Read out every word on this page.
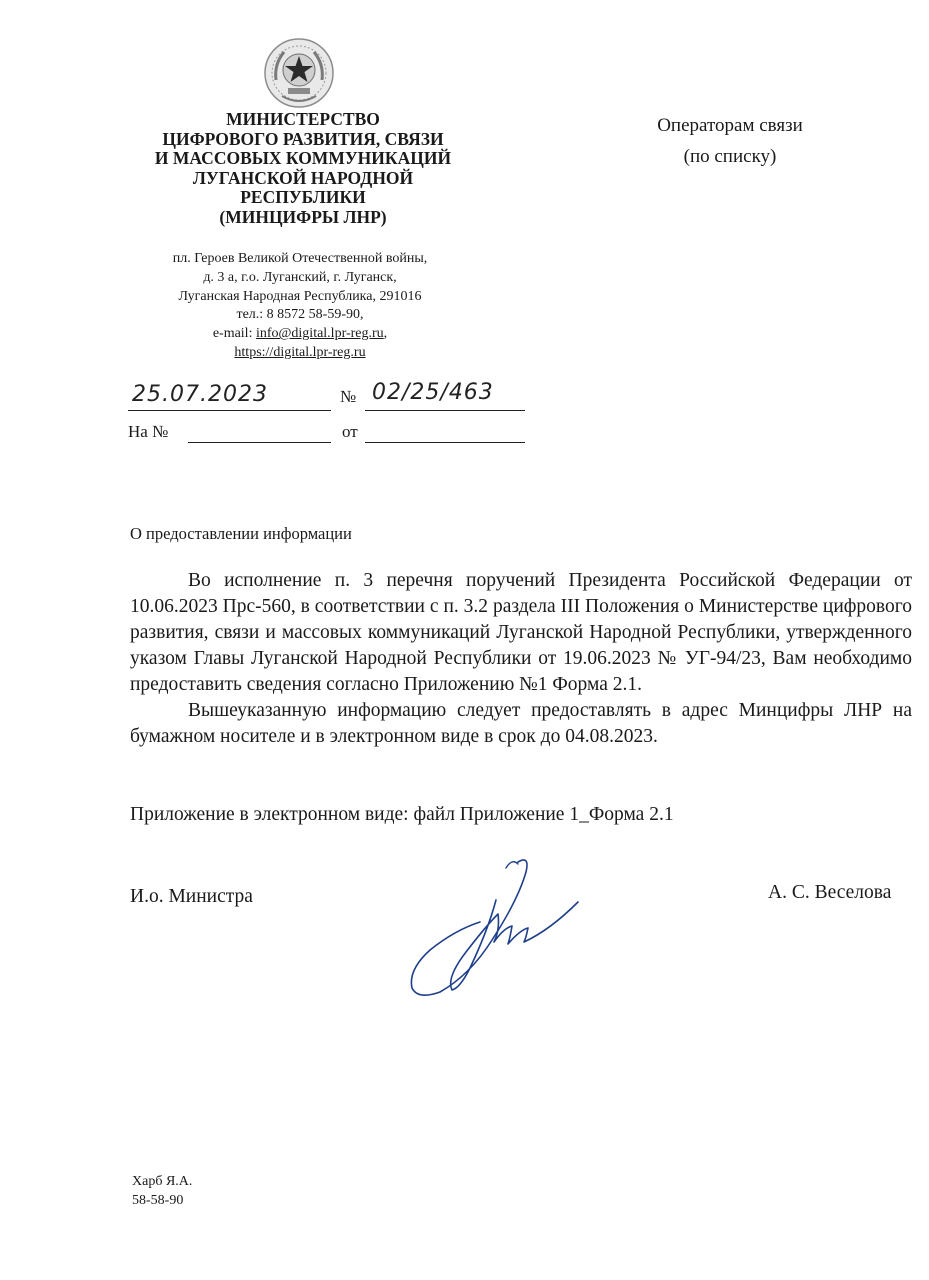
МИНИСТЕРСТВО
ЦИФРОВОГО РАЗВИТИЯ, СВЯЗИ
И МАССОВЫХ КОММУНИКАЦИЙ
ЛУГАНСКОЙ НАРОДНОЙ
РЕСПУБЛИКИ
(МИНЦИФРЫ ЛНР)
пл. Героев Великой Отечественной войны,
д. 3 а, г.о. Луганский, г. Луганск,
Луганская Народная Республика, 291016
тел.: 8 8572 58-59-90,
e-mail: info@digital.lpr-reg.ru,
https://digital.lpr-reg.ru
Операторам связи
(по списку)
25.07.2023	№ 02/25/463
На №	от
О предоставлении информации

Во исполнение п. 3 перечня поручений Президента Российской Федерации от 10.06.2023 Прс-560, в соответствии с п. 3.2 раздела III Положения о Министерстве цифрового развития, связи и массовых коммуникаций Луганской Народной Республики, утвержденного указом Главы Луганской Народной Республики от 19.06.2023 № УГ-94/23, Вам необходимо предоставить сведения согласно Приложению №1 Форма 2.1.

Вышеуказанную информацию следует предоставлять в адрес Минцифры ЛНР на бумажном носителе и в электронном виде в срок до 04.08.2023.

Приложение в электронном виде: файл Приложение 1_Форма 2.1
И.о. Министра	А. С. Веселова
Харб Я.А.
58-58-90
